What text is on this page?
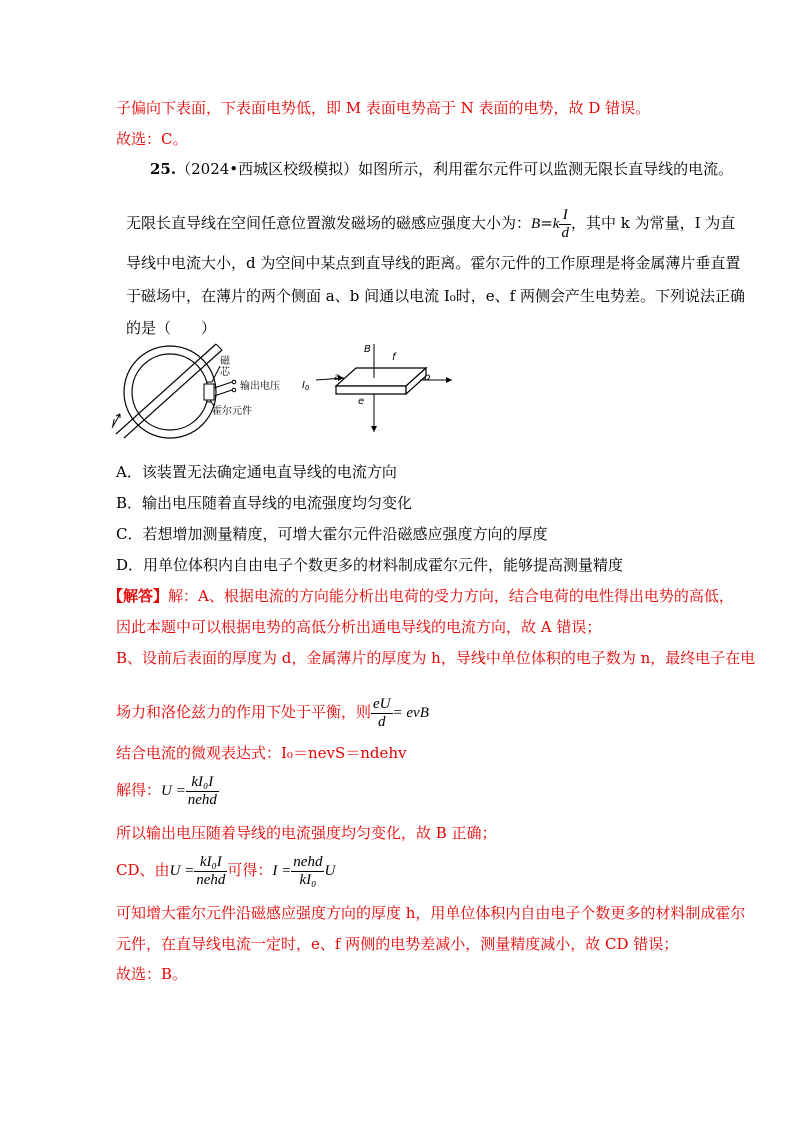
子偏向下表面，下表面电势低，即 M 表面电势高于 N 表面的电势，故 D 错误。
故选：C。
25.（2024•西城区校级模拟）如图所示，利用霍尔元件可以监测无限长直导线的电流。
无限长直导线在空间任意位置激发磁场的磁感应强度大小为：$B=k \frac{I}{d}$ ，其中 k 为常量，I 为直
导线中电流大小，d 为空间中某点到直导线的距离。霍尔元件的工作原理是将金属薄片垂直置
于磁场中，在薄片的两个侧面 a、b 间通以电流 I₀时，e、f 两侧会产生电势差。下列说法正确
的是（　　）
I
磁
芯
输出电压
霍尔元件
B
f
$I_0$
a	b
e
A．该装置无法确定通电直导线的电流方向
B．输出电压随着直导线的电流强度均匀变化
C．若想增加测量精度，可增大霍尔元件沿磁感应强度方向的厚度
D．用单位体积内自由电子个数更多的材料制成霍尔元件，能够提高测量精度
【解答】解：A、根据电流的方向能分析出电荷的受力方向，结合电荷的电性得出电势的高低，
因此本题中可以根据电势的高低分析出通电导线的电流方向，故 A 错误；
B、设前后表面的厚度为 d，金属薄片的厚度为 h，导线中单位体积的电子数为 n，最终电子在电
场力和洛伦兹力的作用下处于平衡，则 $\frac{eU}{d}$ = evB
结合电流的微观表达式：I₀＝nevS＝ndehv
解得：$U = \frac{\text{kI₀I}}{\text{nehd}}$
所以输出电压随着导线的电流强度均匀变化，故 B 正确；
CD、由$U = \frac{\text{kI₀I}}{\text{nehd}}$ 可得：$I = \frac{\text{nehd}}{\text{kI₀}}$ U
可知增大霍尔元件沿磁感应强度方向的厚度 h，用单位体积内自由电子个数更多的材料制成霍尔
元件，在直导线电流一定时，e、f 两侧的电势差减小，测量精度减小，故 CD 错误；
故选：B。
